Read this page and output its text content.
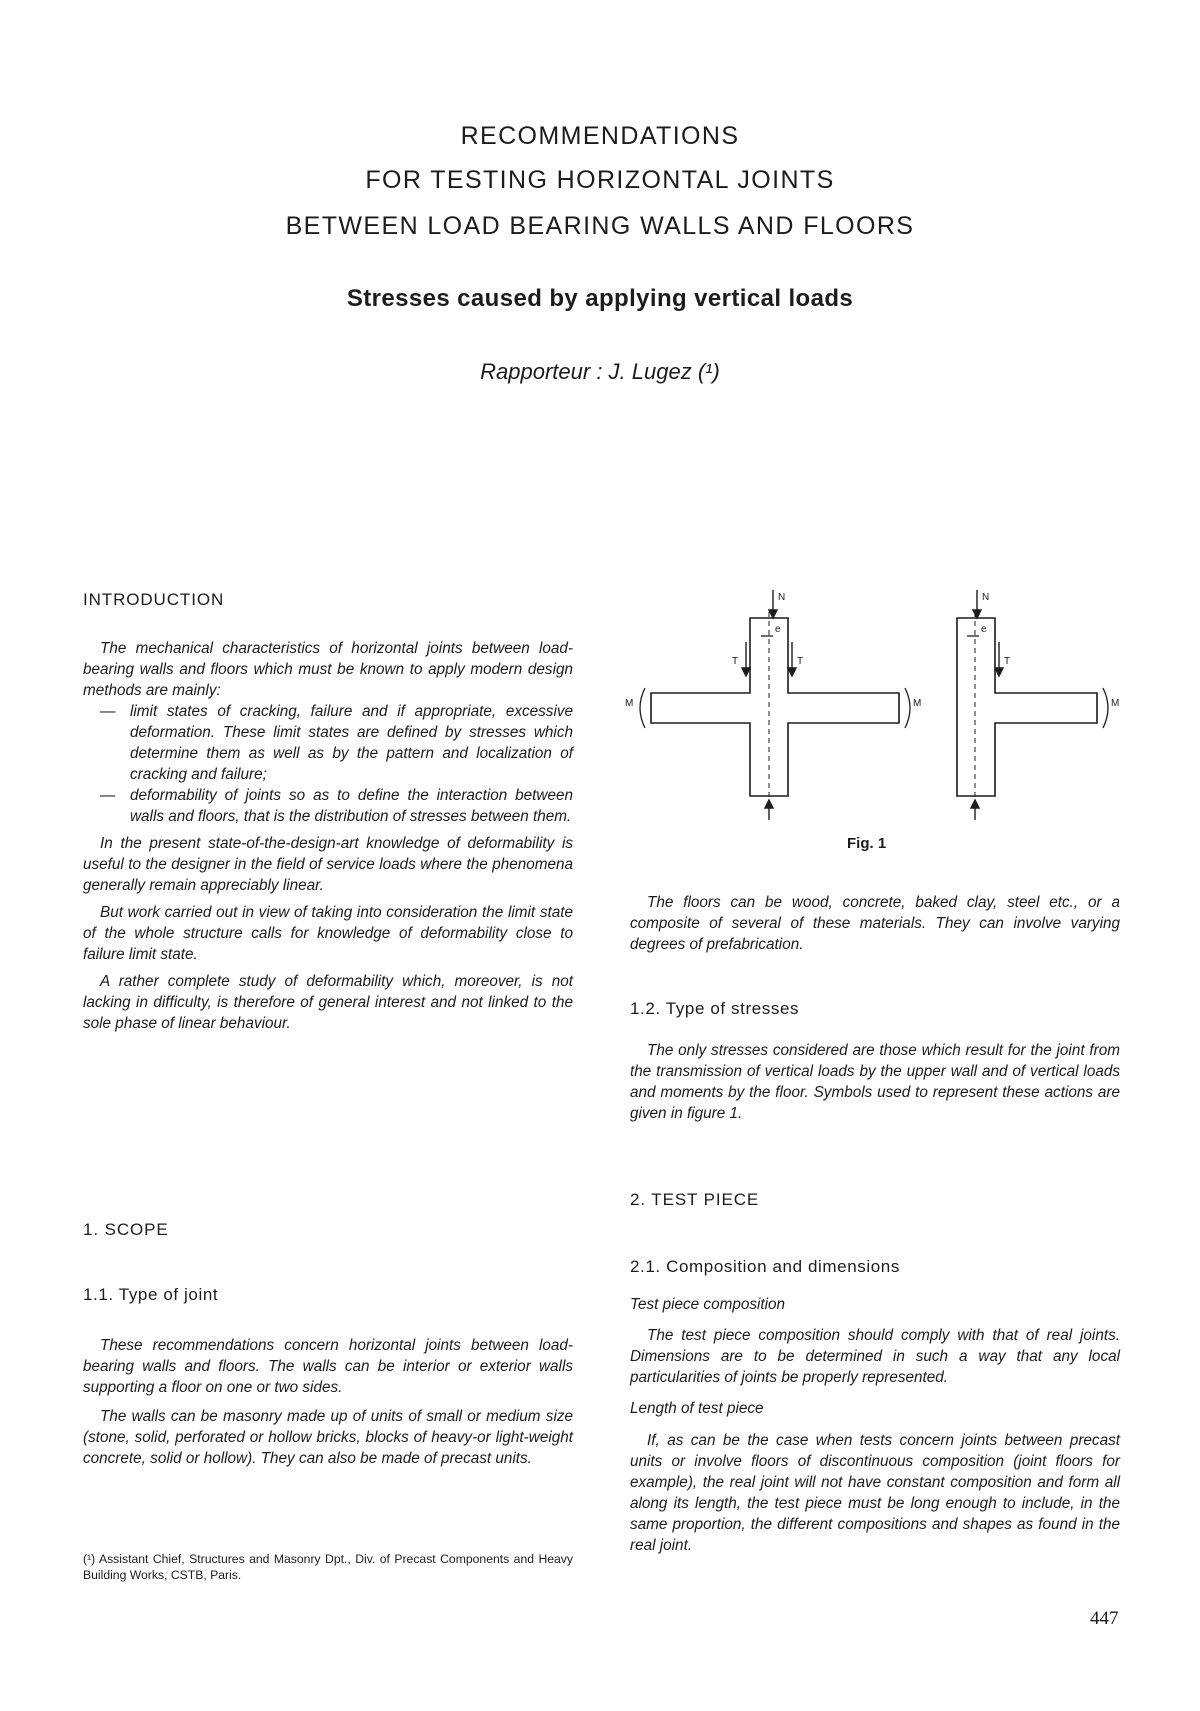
RECOMMENDATIONS
FOR TESTING HORIZONTAL JOINTS
BETWEEN LOAD BEARING WALLS AND FLOORS
Stresses caused by applying vertical loads
Rapporteur : J. Lugez (¹)
INTRODUCTION

The mechanical characteristics of horizontal joints between load-bearing walls and floors which must be known to apply modern design methods are mainly:

— limit states of cracking, failure and if appropriate, excessive deformation. These limit states are defined by stresses which determine them as well as by the pattern and localization of cracking and failure;
— deformability of joints so as to define the interaction between walls and floors, that is the distribution of stresses between them.

In the present state-of-the-design-art knowledge of deformability is useful to the designer in the field of service loads where the phenomena generally remain appreciably linear.

But work carried out in view of taking into consideration the limit state of the whole structure calls for knowledge of deformability close to failure limit state.

A rather complete study of deformability which, moreover, is not lacking in difficulty, is therefore of general interest and not linked to the sole phase of linear behaviour.

1. SCOPE
1.1. Type of joint

These recommendations concern horizontal joints between load-bearing walls and floors. The walls can be interior or exterior walls supporting a floor on one or two sides.

The walls can be masonry made up of units of small or medium size (stone, solid, perforated or hollow bricks, blocks of heavy-or light-weight concrete, solid or hollow). They can also be made of precast units.

(¹) Assistant Chief, Structures and Masonry Dpt., Div. of Precast Components and Heavy Building Works, CSTB, Paris.
N	N
T	T	T
M	M	M
e	e
Fig. 1

The floors can be wood, concrete, baked clay, steel etc., or a composite of several of these materials. They can involve varying degrees of prefabrication.

1.2. Type of stresses

The only stresses considered are those which result for the joint from the transmission of vertical loads by the upper wall and of vertical loads and moments by the floor. Symbols used to represent these actions are given in figure 1.

2. TEST PIECE
2.1. Composition and dimensions
Test piece composition

The test piece composition should comply with that of real joints. Dimensions are to be determined in such a way that any local particularities of joints be properly represented.

Length of test piece

If, as can be the case when tests concern joints between precast units or involve floors of discontinuous composition (joint floors for example), the real joint will not have constant composition and form all along its length, the test piece must be long enough to include, in the same proportion, the different compositions and shapes as found in the real joint.

447
